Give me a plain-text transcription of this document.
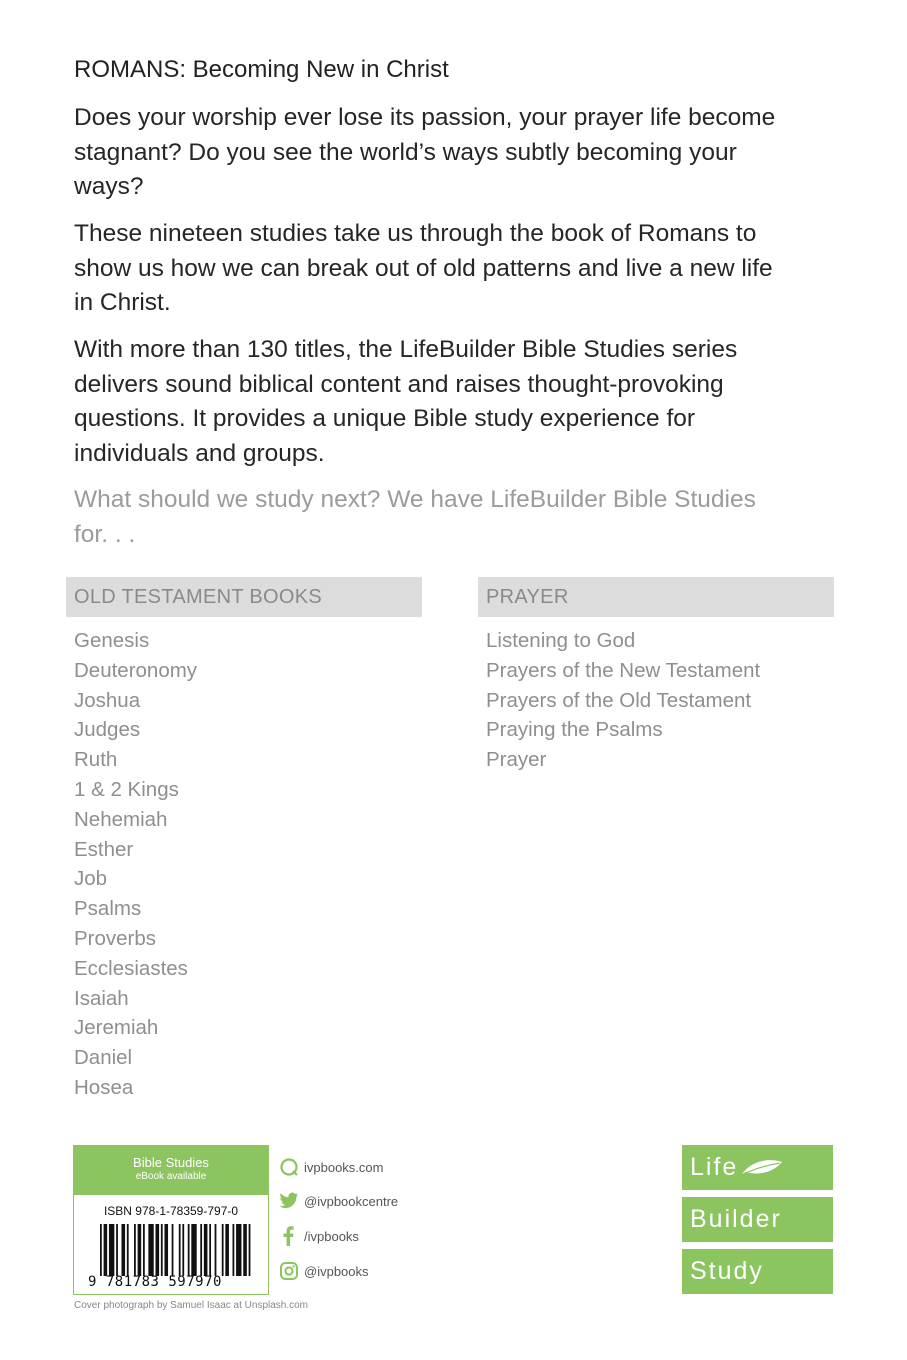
ROMANS: Becoming New in Christ

Does your worship ever lose its passion, your prayer life become stagnant? Do you see the world’s ways subtly becoming your ways?

These nineteen studies take us through the book of Romans to show us how we can break out of old patterns and live a new life in Christ.

With more than 130 titles, the LifeBuilder Bible Studies series delivers sound biblical content and raises thought-provoking questions. It provides a unique Bible study experience for individuals and groups.

What should we study next? We have LifeBuilder Bible Studies for. . .

OLD TESTAMENT BOOKS	PRAYER
Genesis
Deuteronomy
Joshua
Judges
Ruth
1 & 2 Kings
Nehemiah
Esther
Job
Psalms
Proverbs
Ecclesiastes
Isaiah
Jeremiah
Daniel
Hosea
Listening to God
Prayers of the New Testament
Prayers of the Old Testament
Praying the Psalms
Prayer
Bible Studies
eBook available
ISBN 978-1-78359-797-0
9 781783 597970
ivpbooks.com
@ivpbookcentre
/ivpbooks
@ivpbooks
Cover photograph by Samuel Isaac at Unsplash.com
Life
Builder
Study
